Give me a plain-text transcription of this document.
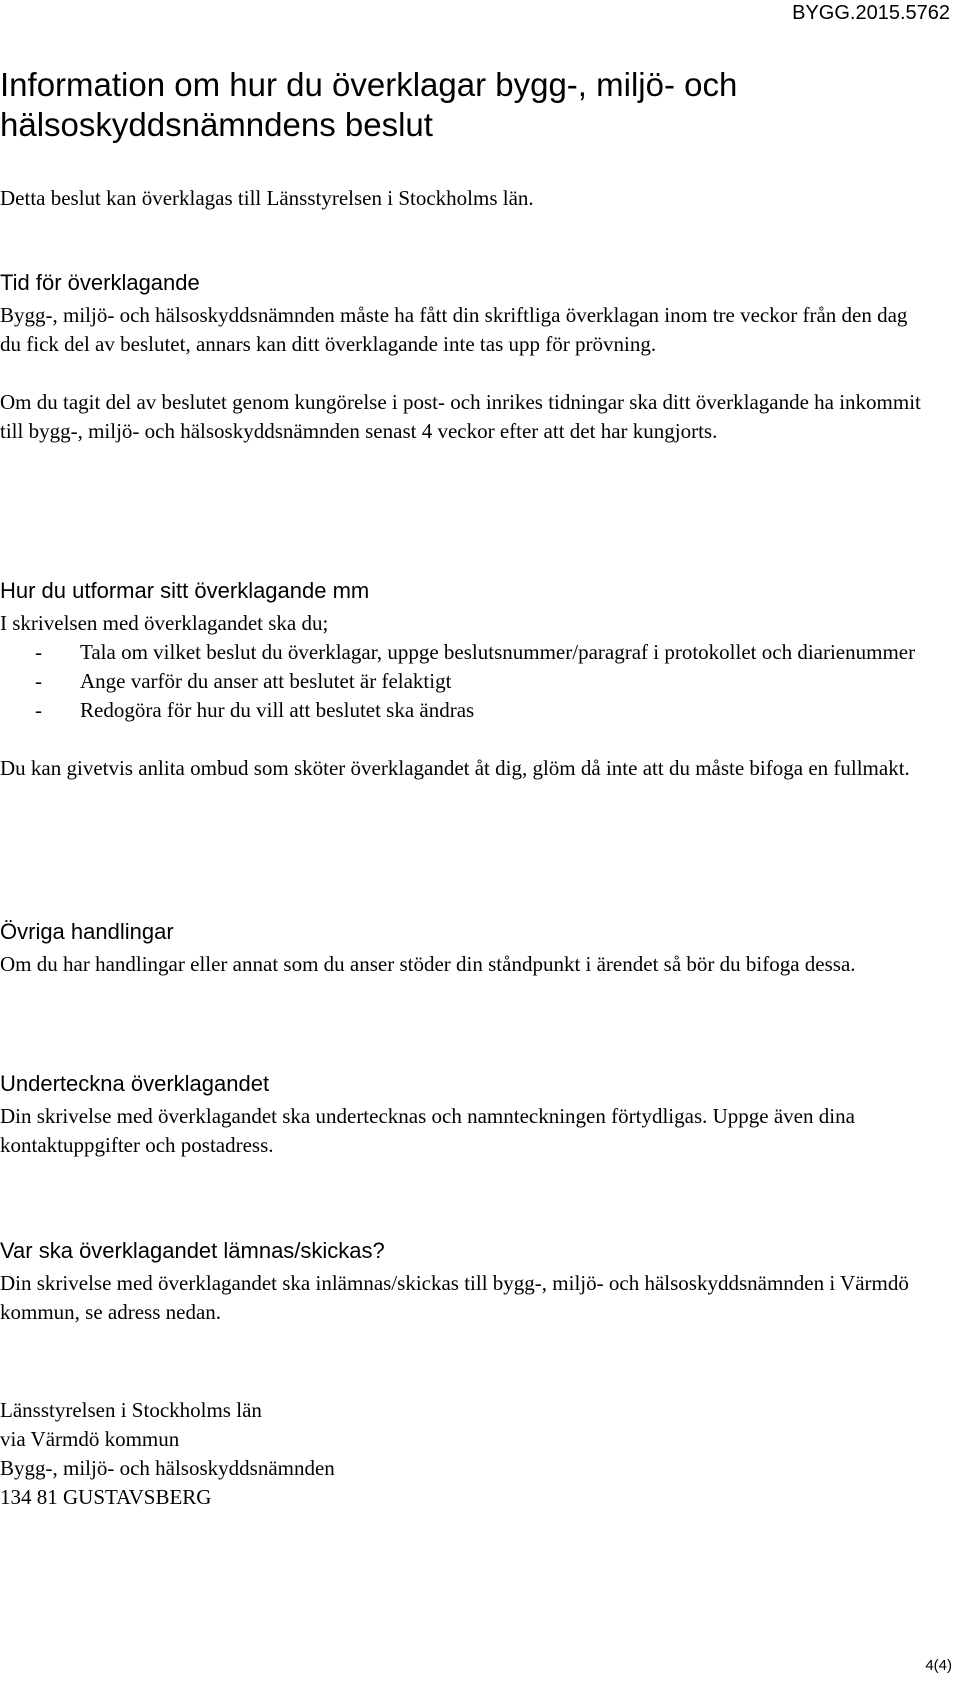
BYGG.2015.5762
Information om hur du överklagar bygg-, miljö- och hälsoskyddsnämndens beslut

Detta beslut kan överklagas till Länsstyrelsen i Stockholms län.

Tid för överklagande

Bygg-, miljö- och hälsoskyddsnämnden måste ha fått din skriftliga överklagan inom tre veckor från den dag du fick del av beslutet, annars kan ditt överklagande inte tas upp för prövning.

Om du tagit del av beslutet genom kungörelse i post- och inrikes tidningar ska ditt överklagande ha inkommit till bygg-, miljö- och hälsoskyddsnämnden senast 4 veckor efter att det har kungjorts.

Hur du utformar sitt överklagande mm

I skrivelsen med överklagandet ska du;

- Tala om vilket beslut du överklagar, uppge beslutsnummer/paragraf i protokollet och diarienummer
- Ange varför du anser att beslutet är felaktigt
- Redogöra för hur du vill att beslutet ska ändras

Du kan givetvis anlita ombud som sköter överklagandet åt dig, glöm då inte att du måste bifoga en fullmakt.

Övriga handlingar

Om du har handlingar eller annat som du anser stöder din ståndpunkt i ärendet så bör du bifoga dessa.

Underteckna överklagandet

Din skrivelse med överklagandet ska undertecknas och namnteckningen förtydligas. Uppge även dina kontaktuppgifter och postadress.

Var ska överklagandet lämnas/skickas?

Din skrivelse med överklagandet ska inlämnas/skickas till bygg-, miljö- och hälsoskyddsnämnden i Värmdö kommun, se adress nedan.

Länsstyrelsen i Stockholms län
via Värmdö kommun
Bygg-, miljö- och hälsoskyddsnämnden
134 81 GUSTAVSBERG
4(4)
